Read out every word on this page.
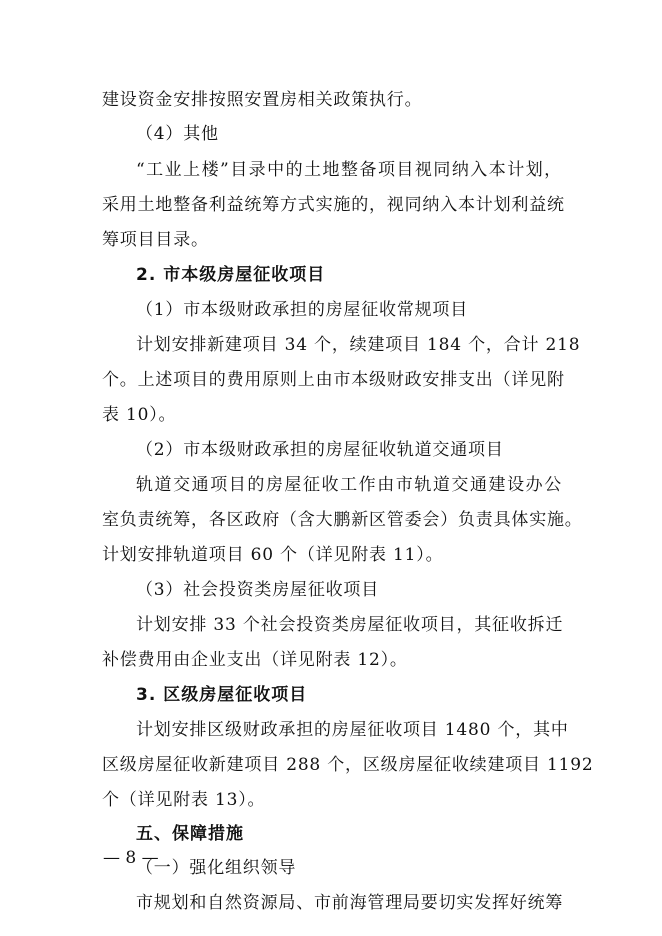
建设资金安排按照安置房相关政策执行。
（4）其他
“工业上楼”目录中的土地整备项目视同纳入本计划，
采用土地整备利益统筹方式实施的，视同纳入本计划利益统
筹项目目录。
2. 市本级房屋征收项目
（1）市本级财政承担的房屋征收常规项目
计划安排新建项目 34 个，续建项目 184 个，合计 218
个。上述项目的费用原则上由市本级财政安排支出（详见附
表 10）。
（2）市本级财政承担的房屋征收轨道交通项目
轨道交通项目的房屋征收工作由市轨道交通建设办公
室负责统筹，各区政府（含大鹏新区管委会）负责具体实施。
计划安排轨道项目 60 个（详见附表 11）。
（3）社会投资类房屋征收项目
计划安排 33 个社会投资类房屋征收项目，其征收拆迁
补偿费用由企业支出（详见附表 12）。
3. 区级房屋征收项目
计划安排区级财政承担的房屋征收项目 1480 个，其中
区级房屋征收新建项目 288 个，区级房屋征收续建项目 1192
个（详见附表 13）。
五、保障措施
（一）强化组织领导
市规划和自然资源局、市前海管理局要切实发挥好统筹
— 8 —
